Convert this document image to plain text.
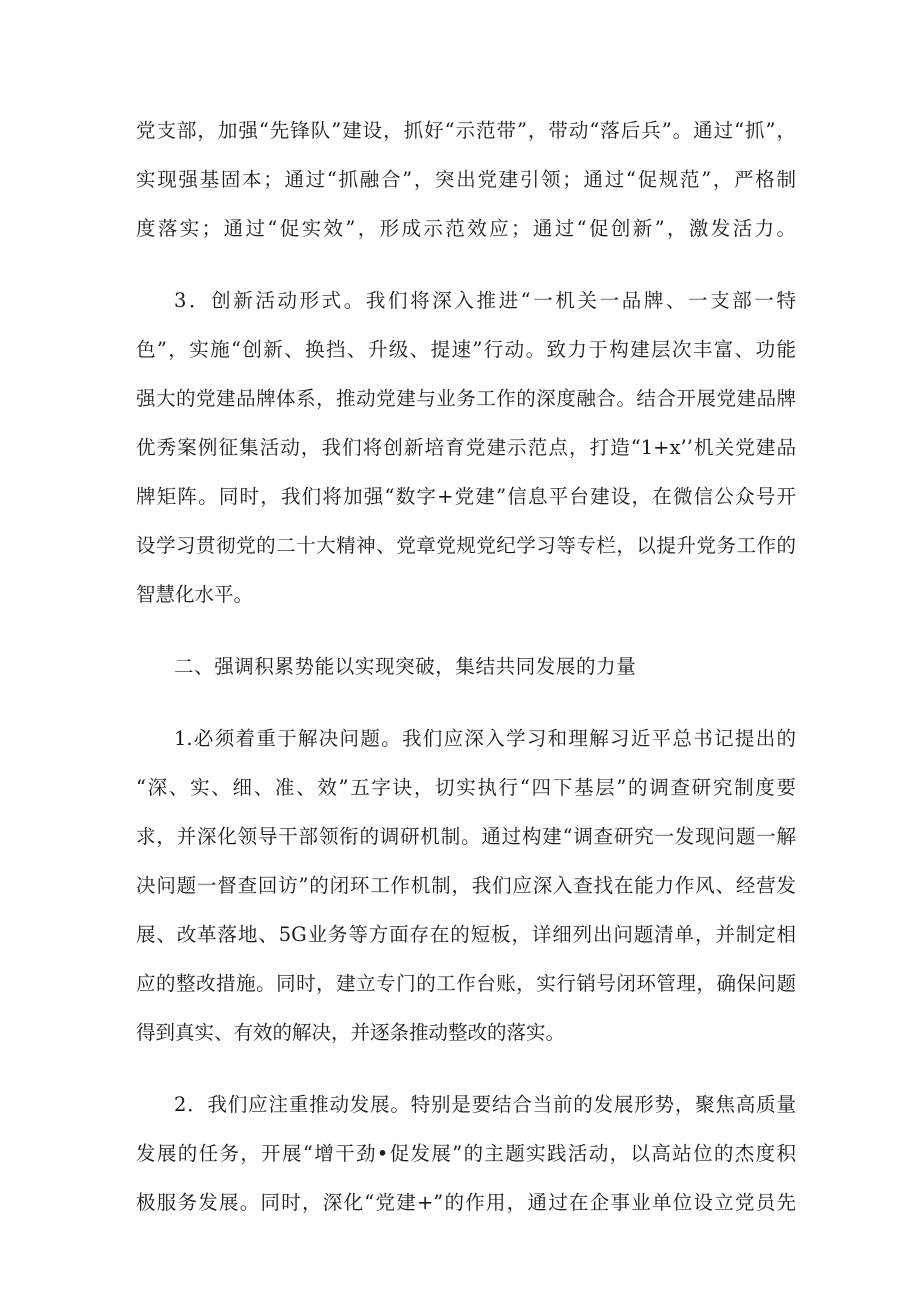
党支部，加强“先锋队”建设，抓好“示范带”，带动“落后兵”。通过“抓”，
实现强基固本；通过“抓融合”，突出党建引领；通过“促规范”，严格制
度落实；通过“促实效”，形成示范效应；通过“促创新”，激发活力。
3．创新活动形式。我们将深入推进“一机关一品牌、一支部一特
色”，实施“创新、换挡、升级、提速”行动。致力于构建层次丰富、功能
强大的党建品牌体系，推动党建与业务工作的深度融合。结合开展党建品牌
优秀案例征集活动，我们将创新培育党建示范点，打造“1+x’’机关党建品
牌矩阵。同时，我们将加强“数字+党建”信息平台建设，在微信公众号开
设学习贯彻党的二十大精神、党章党规党纪学习等专栏，以提升党务工作的
智慧化水平。
二、强调积累势能以实现突破，集结共同发展的力量
1.必须着重于解决问题。我们应深入学习和理解习近平总书记提出的
“深、实、细、准、效”五字诀，切实执行“四下基层”的调查研究制度要
求，并深化领导干部领衔的调研机制。通过构建“调查研究一发现问题一解
决问题一督查回访”的闭环工作机制，我们应深入查找在能力作风、经营发
展、改革落地、5G业务等方面存在的短板，详细列出问题清单，并制定相
应的整改措施。同时，建立专门的工作台账，实行销号闭环管理，确保问题
得到真实、有效的解决，并逐条推动整改的落实。
2．我们应注重推动发展。特别是要结合当前的发展形势，聚焦高质量
发展的任务，开展“增干劲•促发展”的主题实践活动，以高站位的杰度积
极服务发展。同时，深化“党建+”的作用，通过在企事业单位设立党员先
